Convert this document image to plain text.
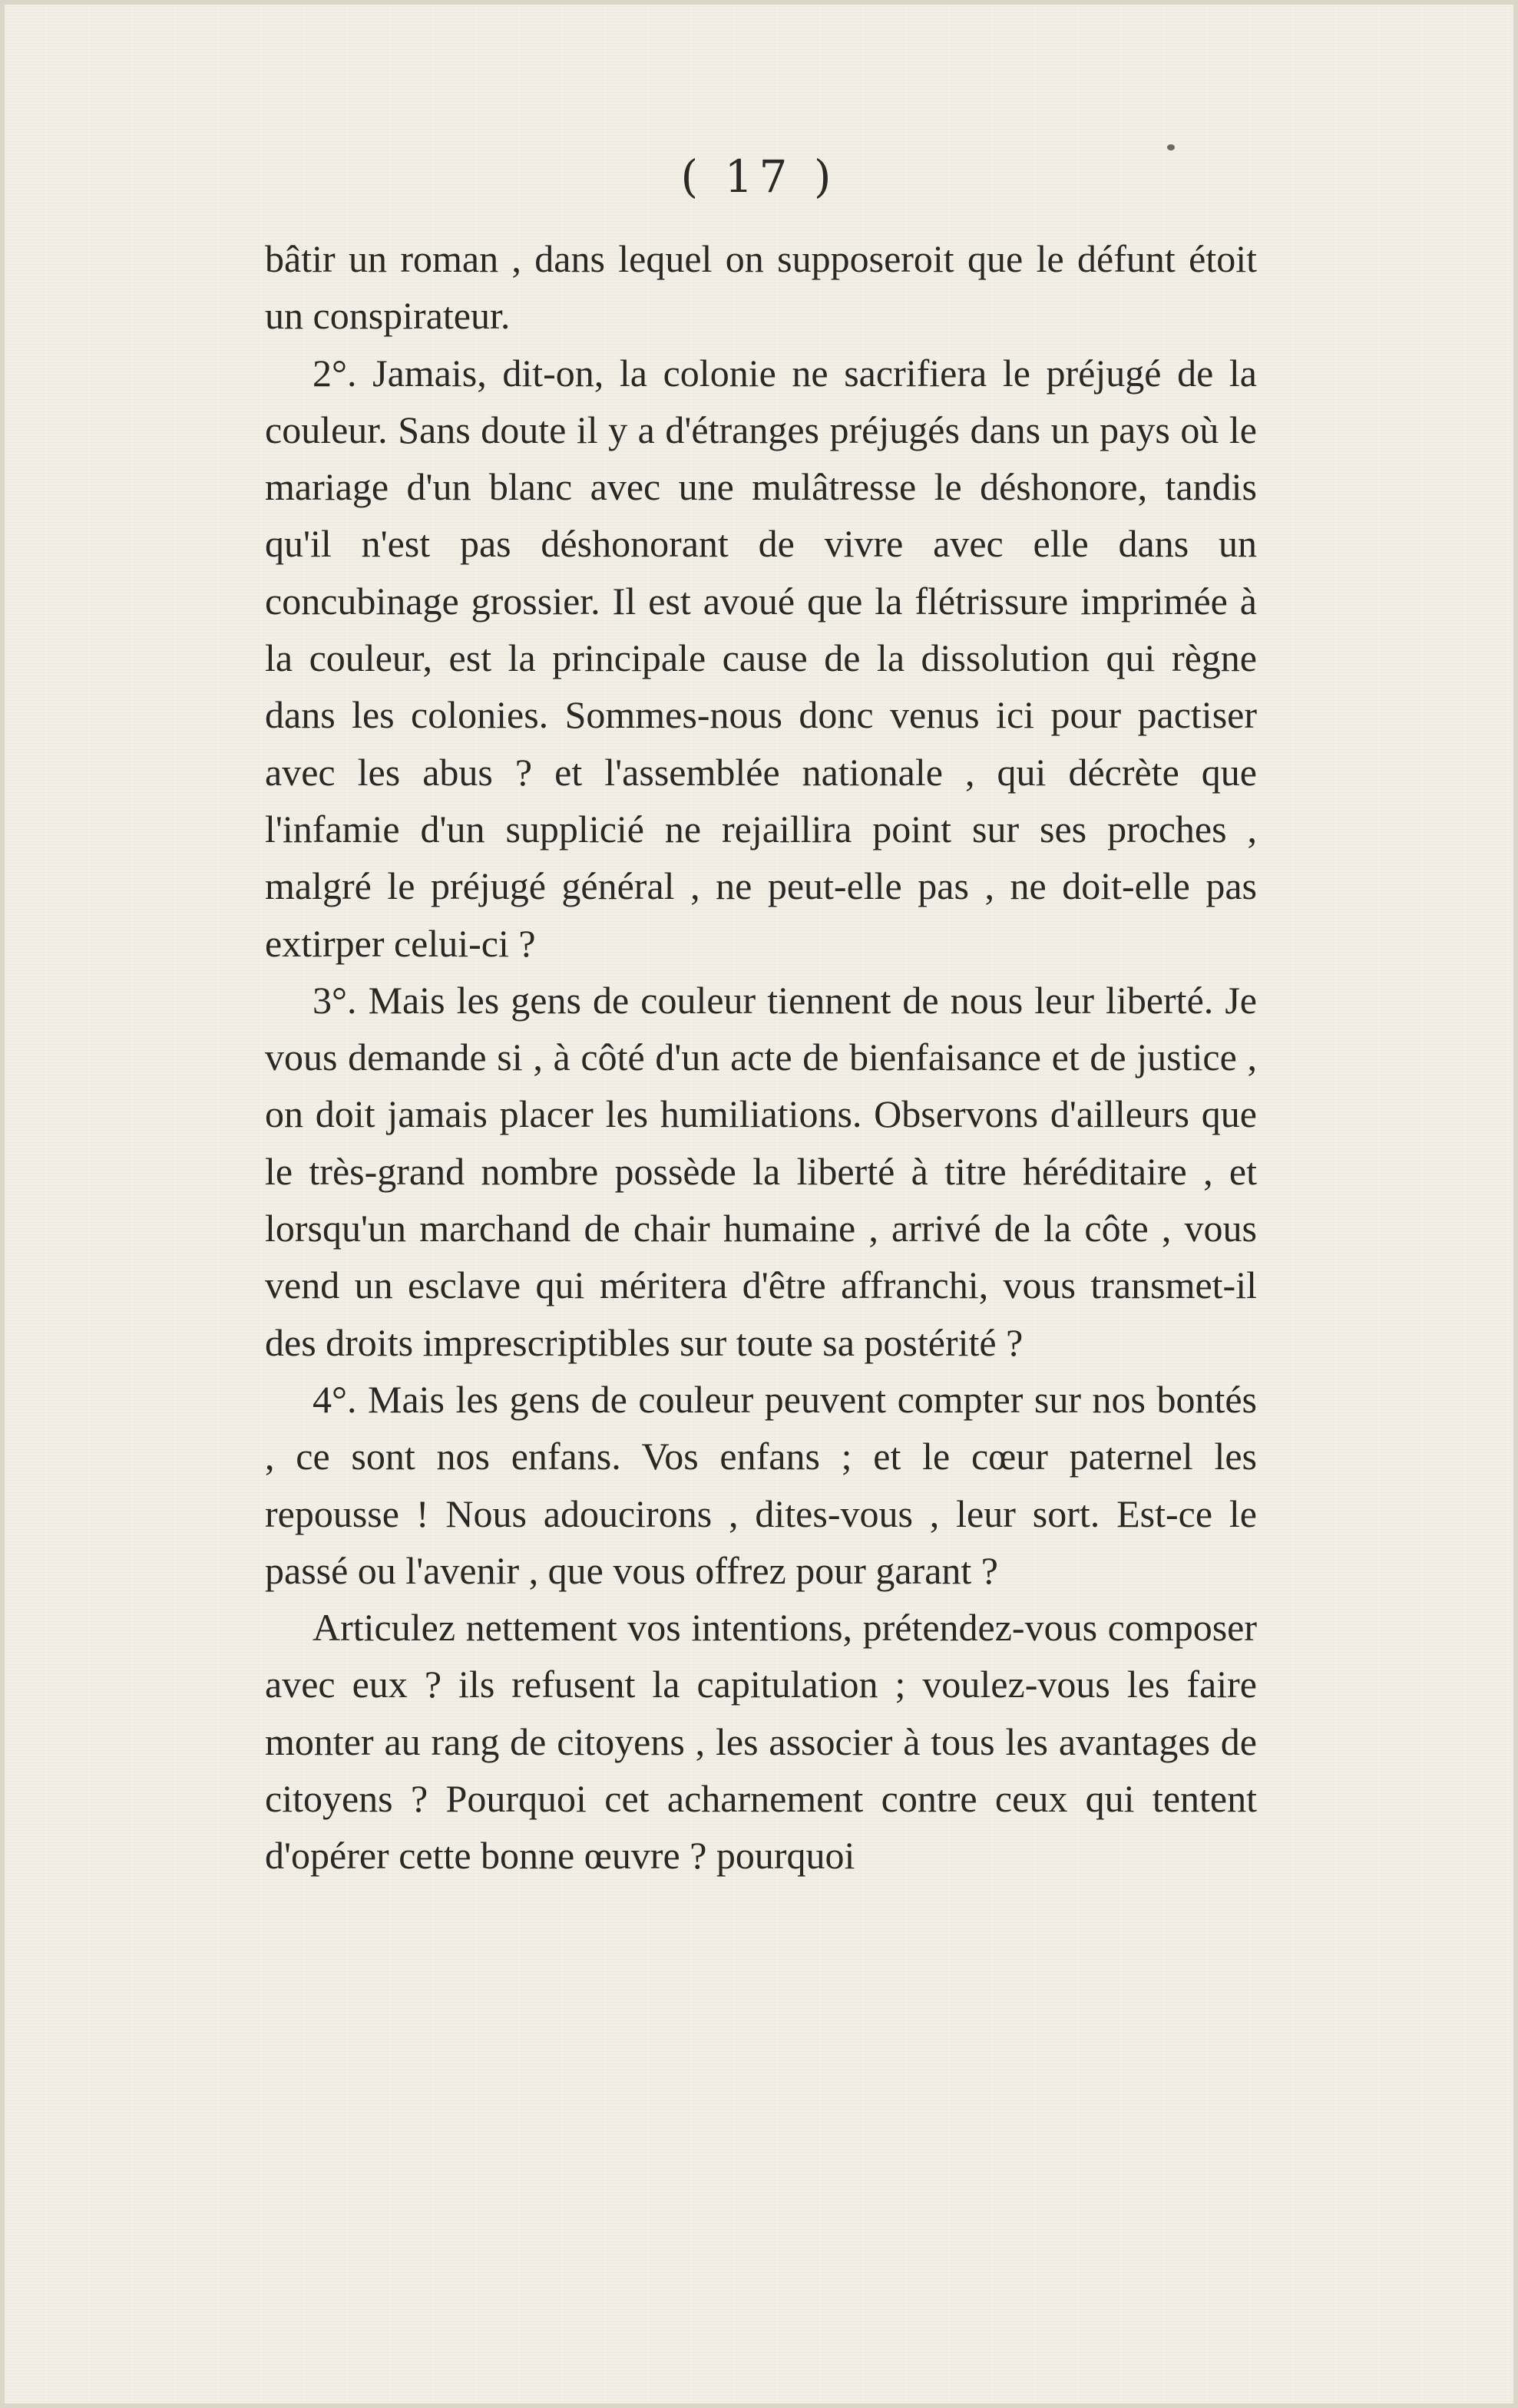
( 17 )

bâtir un roman , dans lequel on supposeroit que le défunt étoit un conspirateur.

2°. Jamais, dit-on, la colonie ne sacrifiera le préjugé de la couleur. Sans doute il y a d'étranges préjugés dans un pays où le mariage d'un blanc avec une mulâtresse le déshonore, tandis qu'il n'est pas déshonorant de vivre avec elle dans un concubinage grossier. Il est avoué que la flétrissure imprimée à la couleur, est la principale cause de la dissolution qui règne dans les colonies. Sommes-nous donc venus ici pour pactiser avec les abus ? et l'assemblée nationale , qui décrète que l'infamie d'un supplicié ne rejaillira point sur ses proches , malgré le préjugé général , ne peut-elle pas , ne doit-elle pas extirper celui-ci ?

3°. Mais les gens de couleur tiennent de nous leur liberté. Je vous demande si , à côté d'un acte de bienfaisance et de justice , on doit jamais placer les humiliations. Observons d'ailleurs que le très-grand nombre possède la liberté à titre héréditaire , et lorsqu'un marchand de chair humaine , arrivé de la côte , vous vend un esclave qui méritera d'être affranchi, vous transmet-il des droits imprescriptibles sur toute sa postérité ?

4°. Mais les gens de couleur peuvent compter sur nos bontés , ce sont nos enfans. Vos enfans ; et le cœur paternel les repousse ! Nous adoucirons , dites-vous , leur sort. Est-ce le passé ou l'avenir , que vous offrez pour garant ?

Articulez nettement vos intentions, prétendez-vous composer avec eux ? ils refusent la capitulation ; voulez-vous les faire monter au rang de citoyens , les associer à tous les avantages de citoyens ? Pourquoi cet acharnement contre ceux qui tentent d'opérer cette bonne œuvre ? pourquoi
